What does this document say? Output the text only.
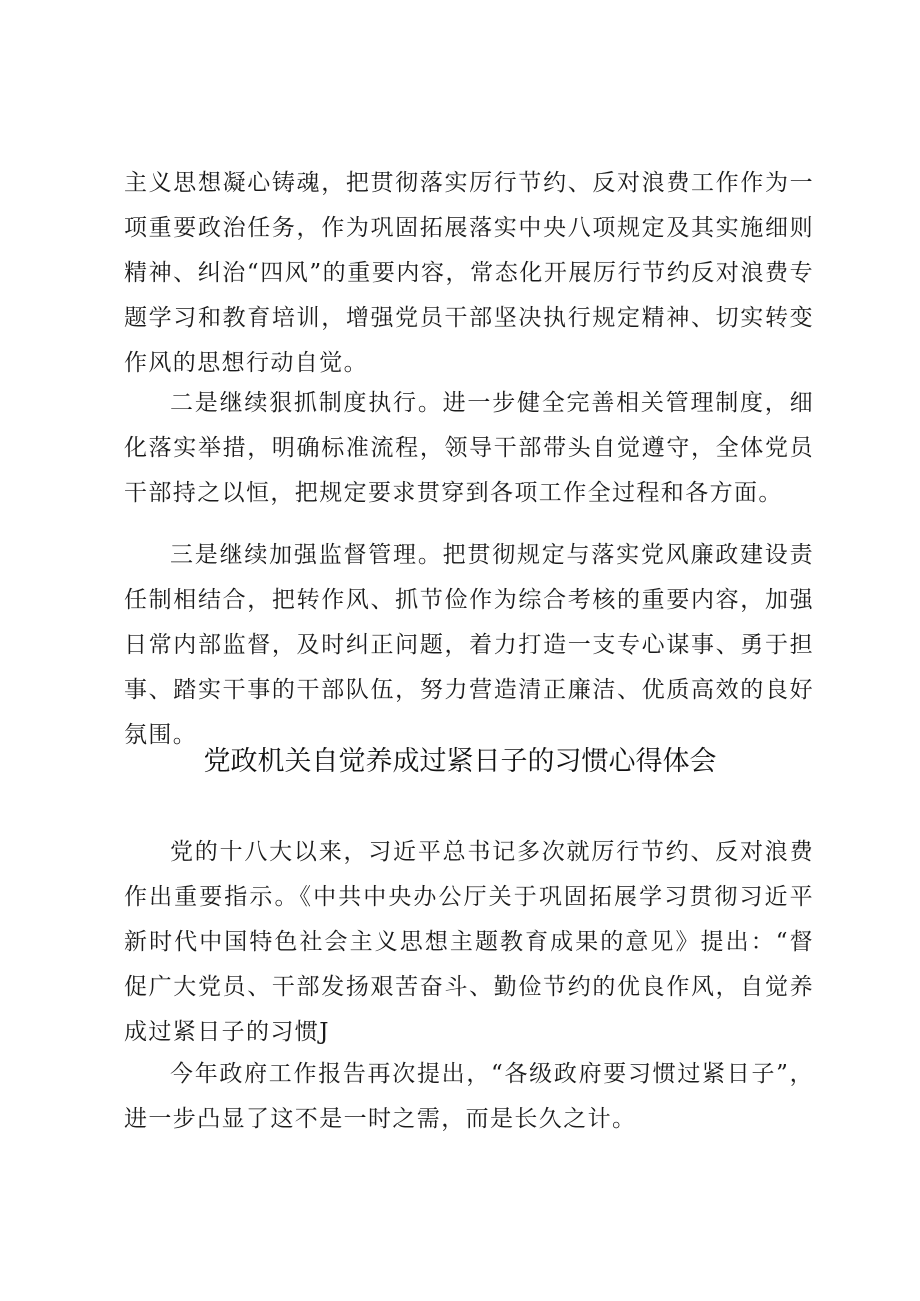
主义思想凝心铸魂，把贯彻落实厉行节约、反对浪费工作作为一项重要政治任务，作为巩固拓展落实中央八项规定及其实施细则精神、纠治“四风”的重要内容，常态化开展厉行节约反对浪费专题学习和教育培训，增强党员干部坚决执行规定精神、切实转变作风的思想行动自觉。

二是继续狠抓制度执行。进一步健全完善相关管理制度，细化落实举措，明确标准流程，领导干部带头自觉遵守，全体党员干部持之以恒，把规定要求贯穿到各项工作全过程和各方面。

三是继续加强监督管理。把贯彻规定与落实党风廉政建设责任制相结合，把转作风、抓节俭作为综合考核的重要内容，加强日常内部监督，及时纠正问题，着力打造一支专心谋事、勇于担事、踏实干事的干部队伍，努力营造清正廉洁、优质高效的良好氛围。

党政机关自觉养成过紧日子的习惯心得体会

党的十八大以来，习近平总书记多次就厉行节约、反对浪费作出重要指示。《中共中央办公厅关于巩固拓展学习贯彻习近平新时代中国特色社会主义思想主题教育成果的意见》提出：“督促广大党员、干部发扬艰苦奋斗、勤俭节约的优良作风，自觉养成过紧日子的习惯J

今年政府工作报告再次提出，“各级政府要习惯过紧日子”，进一步凸显了这不是一时之需，而是长久之计。
